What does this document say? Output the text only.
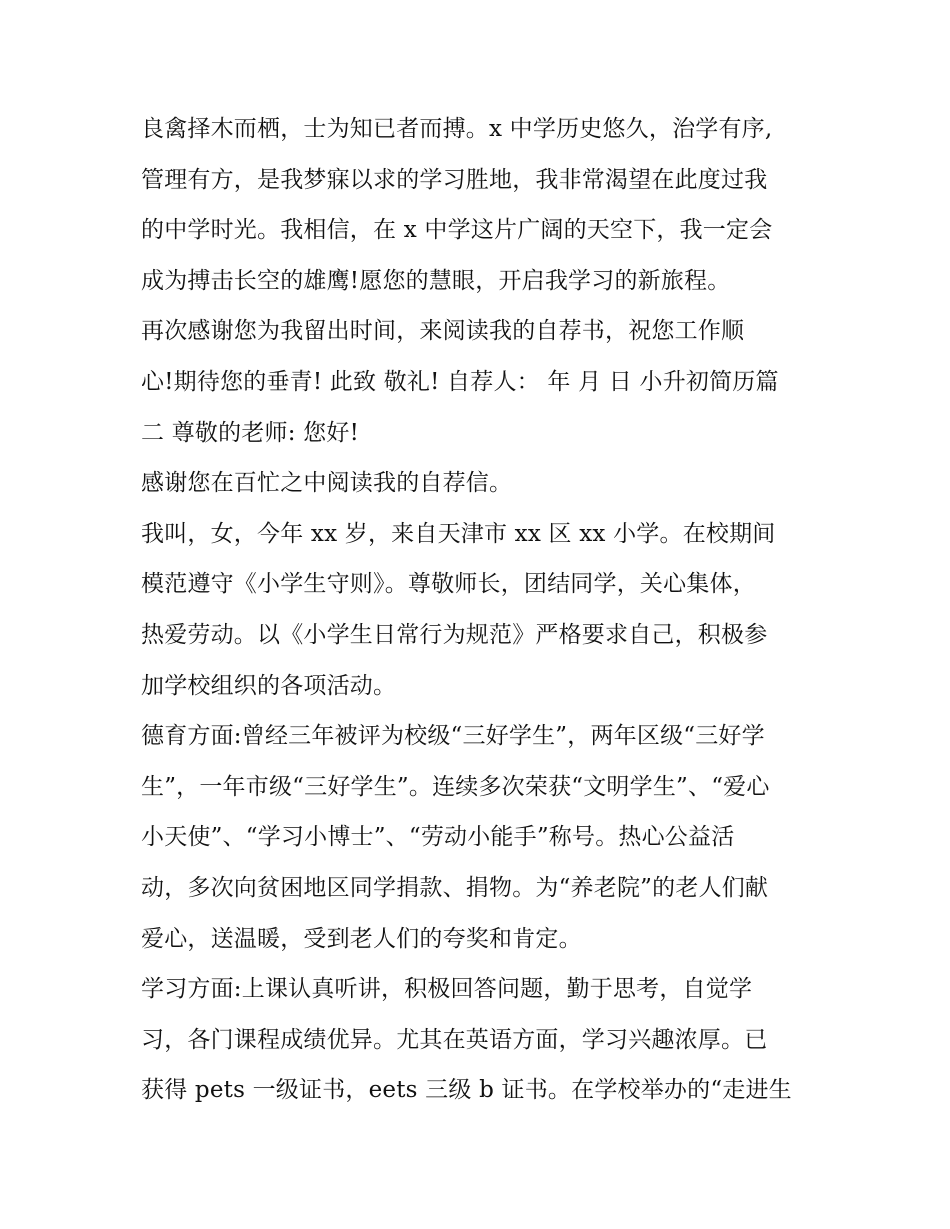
良禽择木而栖，士为知已者而搏。x 中学历史悠久，治学有序,
管理有方，是我梦寐以求的学习胜地，我非常渴望在此度过我
的中学时光。我相信，在 x 中学这片广阔的天空下，我一定会
成为搏击长空的雄鹰!愿您的慧眼，开启我学习的新旅程。
再次感谢您为我留出时间，来阅读我的自荐书，祝您工作顺
心!期待您的垂青! 此致 敬礼! 自荐人： 年 月 日 小升初简历篇
二 尊敬的老师: 您好!
感谢您在百忙之中阅读我的自荐信。
我叫，女，今年 xx 岁，来自天津市 xx 区 xx 小学。在校期间
模范遵守《小学生守则》。尊敬师长，团结同学，关心集体，
热爱劳动。以《小学生日常行为规范》严格要求自己，积极参
加学校组织的各项活动。
德育方面:曾经三年被评为校级“三好学生”，两年区级“三好学
生”，一年市级“三好学生”。连续多次荣获“文明学生”、“爱心
小天使”、“学习小博士”、“劳动小能手”称号。热心公益活
动，多次向贫困地区同学捐款、捐物。为“养老院”的老人们献
爱心，送温暖，受到老人们的夸奖和肯定。
学习方面:上课认真听讲，积极回答问题，勤于思考，自觉学
习，各门课程成绩优异。尤其在英语方面，学习兴趣浓厚。已
获得 pets 一级证书，eets 三级 b 证书。在学校举办的“走进生
